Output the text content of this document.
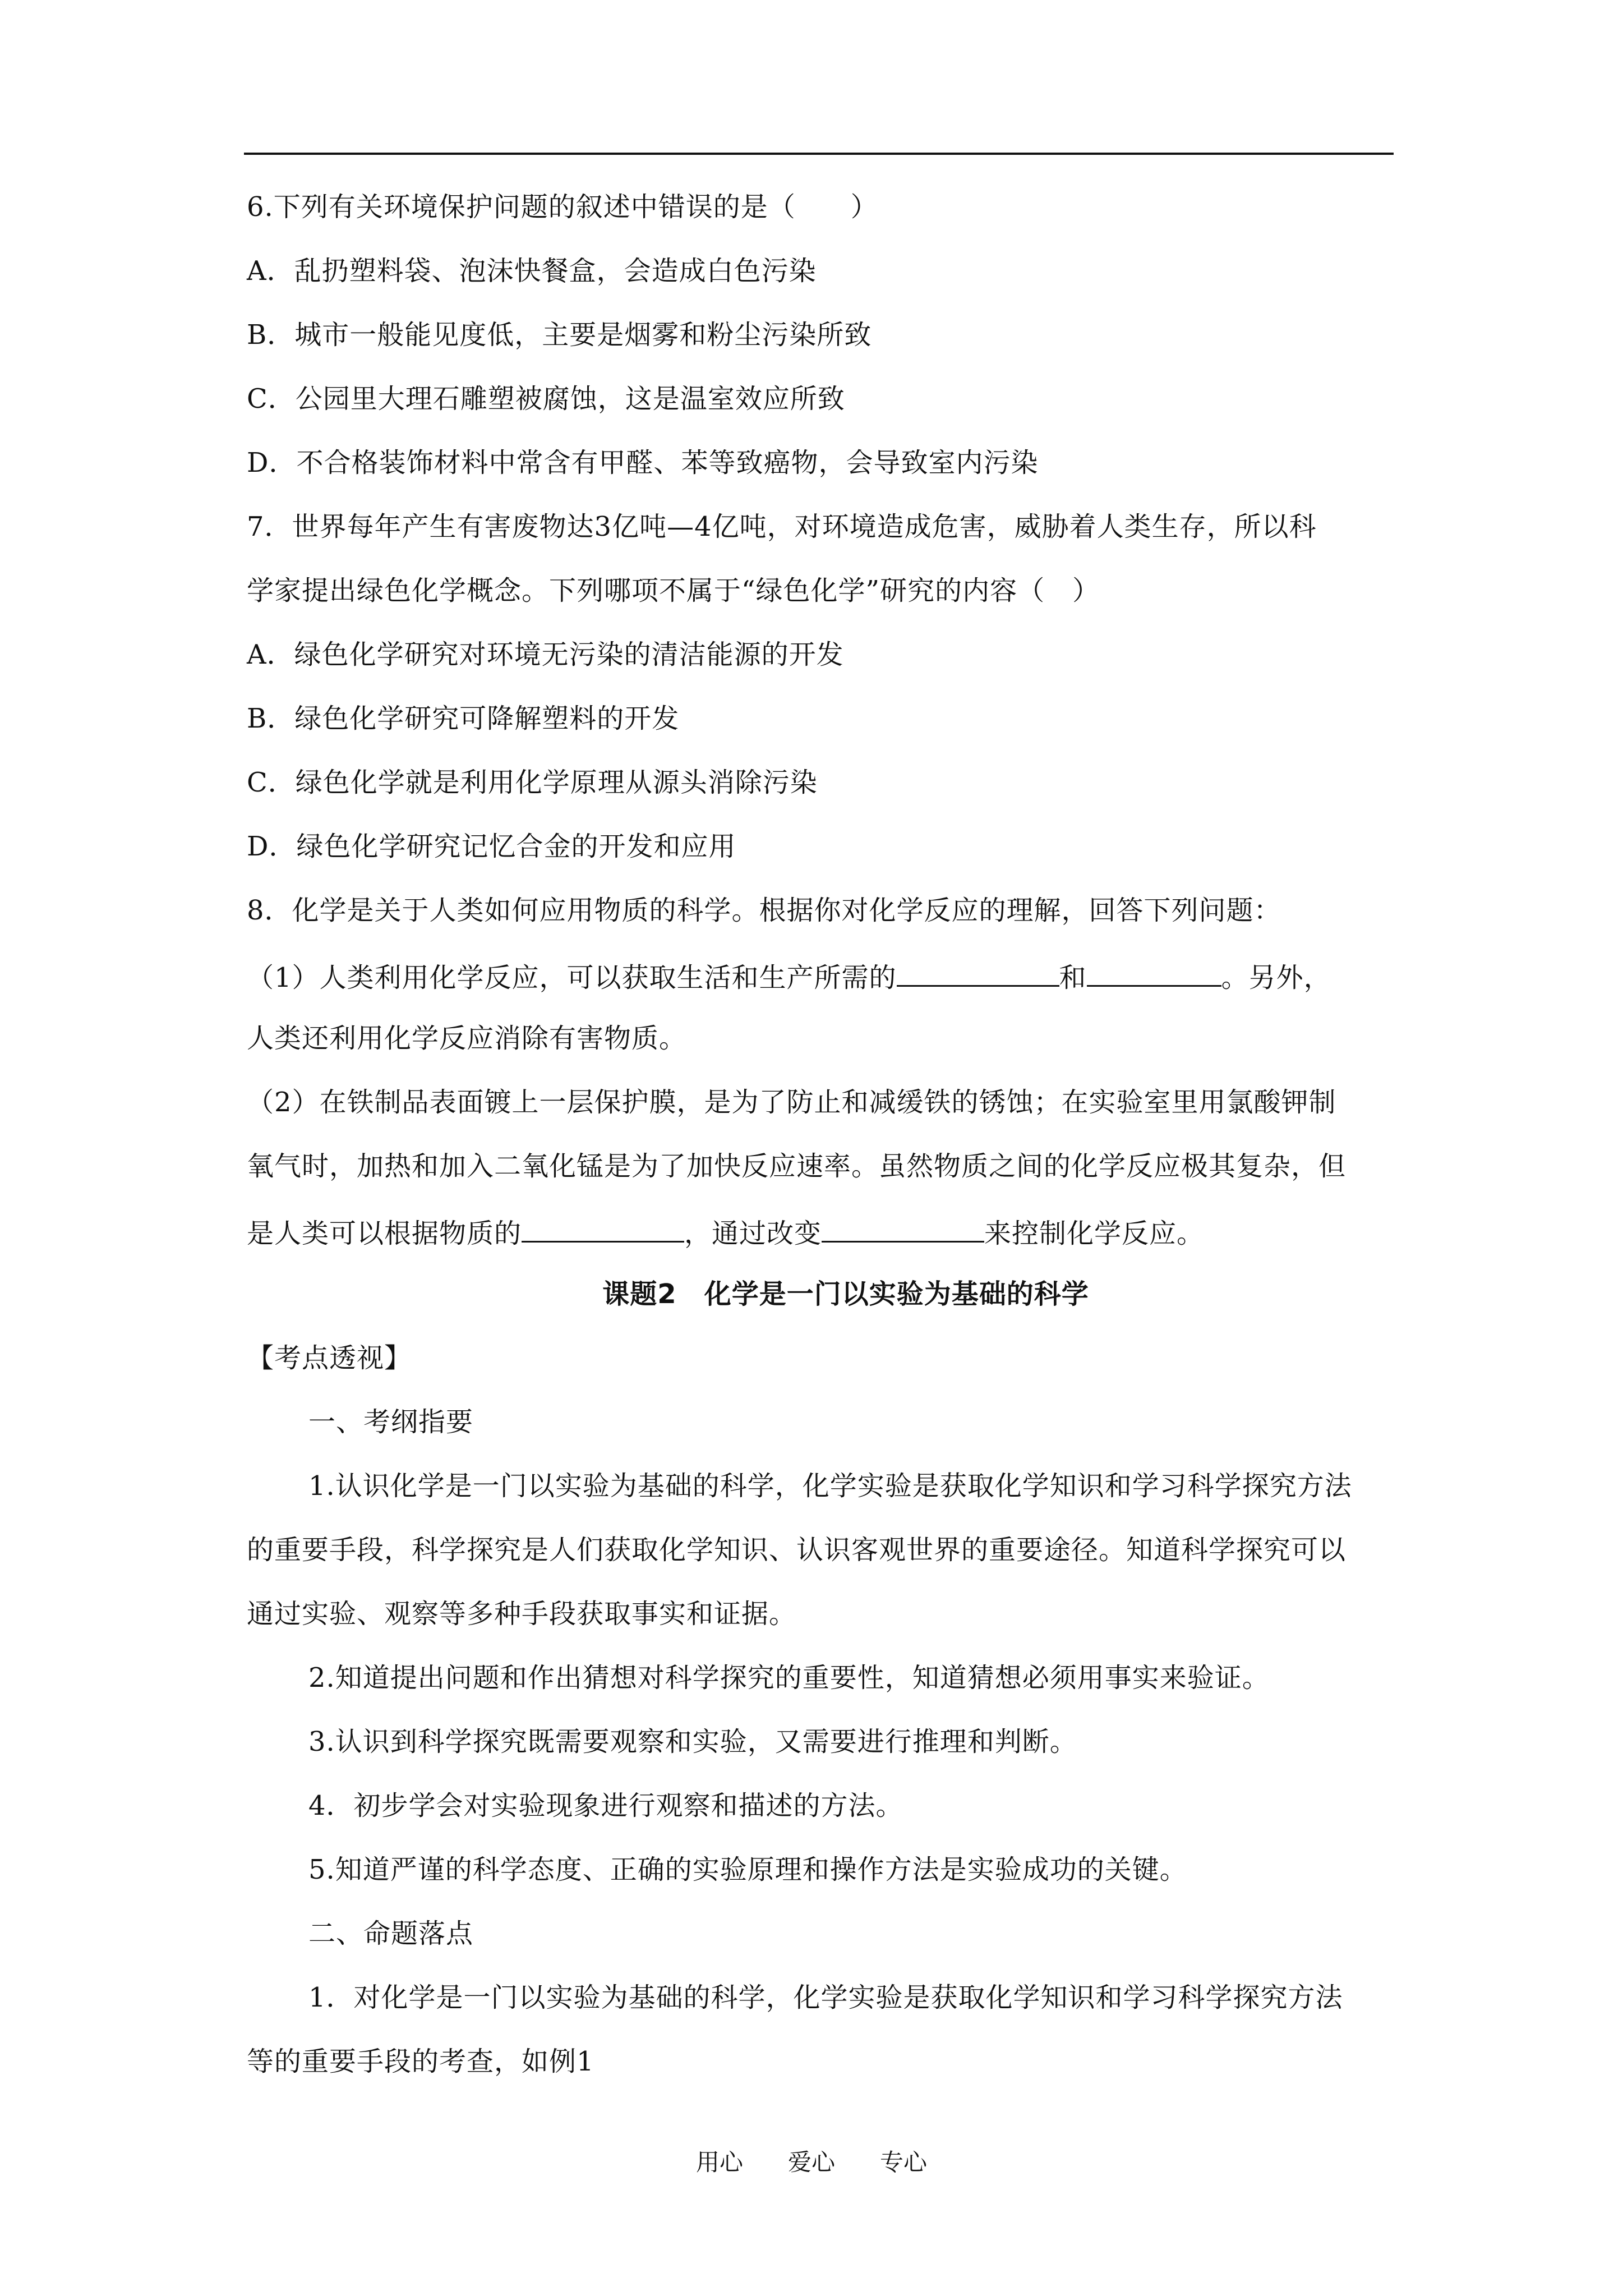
6.下列有关环境保护问题的叙述中错误的是（　　）
A．乱扔塑料袋、泡沫快餐盒，会造成白色污染
B．城市一般能见度低，主要是烟雾和粉尘污染所致
C．公园里大理石雕塑被腐蚀，这是温室效应所致
D．不合格装饰材料中常含有甲醛、苯等致癌物，会导致室内污染
7．世界每年产生有害废物达3亿吨—4亿吨，对环境造成危害，威胁着人类生存，所以科
学家提出绿色化学概念。下列哪项不属于“绿色化学”研究的内容（　）
A．绿色化学研究对环境无污染的清洁能源的开发
B．绿色化学研究可降解塑料的开发
C．绿色化学就是利用化学原理从源头消除污染
D．绿色化学研究记忆合金的开发和应用
8．化学是关于人类如何应用物质的科学。根据你对化学反应的理解，回答下列问题：
（1）人类利用化学反应，可以获取生活和生产所需的	和	。另外，
人类还利用化学反应消除有害物质。
（2）在铁制品表面镀上一层保护膜，是为了防止和减缓铁的锈蚀；在实验室里用氯酸钾制
氧气时，加热和加入二氧化锰是为了加快反应速率。虽然物质之间的化学反应极其复杂，但
是人类可以根据物质的	，通过改变	来控制化学反应。
课题2　化学是一门以实验为基础的科学
【考点透视】
一、考纲指要
1.认识化学是一门以实验为基础的科学，化学实验是获取化学知识和学习科学探究方法
的重要手段，科学探究是人们获取化学知识、认识客观世界的重要途径。知道科学探究可以
通过实验、观察等多种手段获取事实和证据。
2.知道提出问题和作出猜想对科学探究的重要性，知道猜想必须用事实来验证。
3.认识到科学探究既需要观察和实验，又需要进行推理和判断。
4．初步学会对实验现象进行观察和描述的方法。
5.知道严谨的科学态度、正确的实验原理和操作方法是实验成功的关键。
二、命题落点
1．对化学是一门以实验为基础的科学，化学实验是获取化学知识和学习科学探究方法
等的重要手段的考查，如例1
用心 爱心 专心
